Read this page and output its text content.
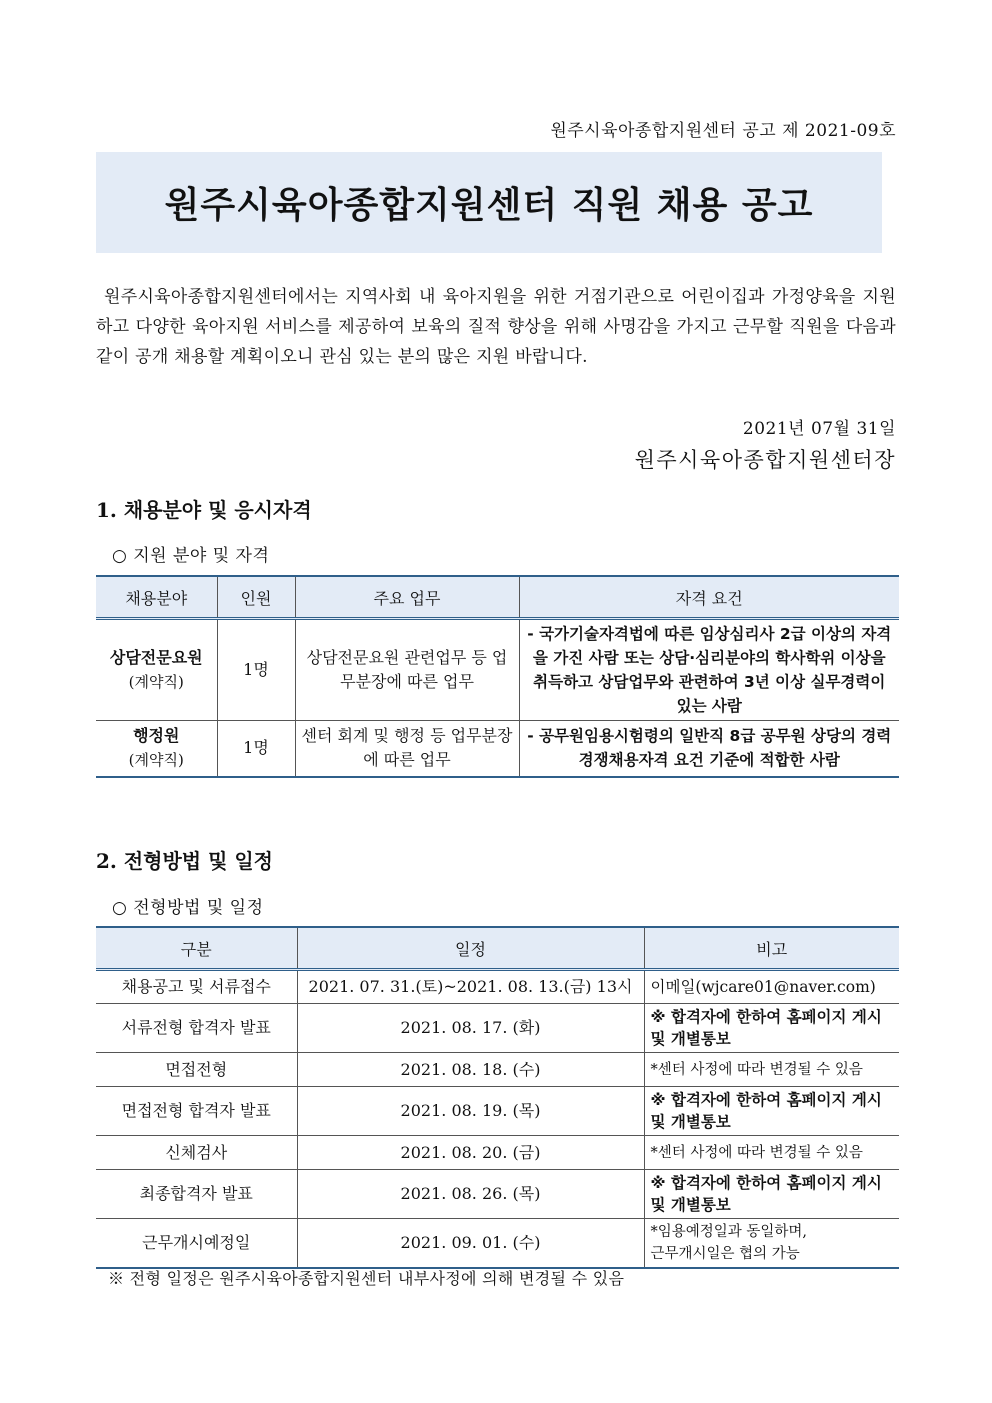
원주시육아종합지원센터 공고 제 2021-09호
원주시육아종합지원센터 직원 채용 공고

원주시육아종합지원센터에서는 지역사회 내 육아지원을 위한 거점기관으로 어린이집과 가정양육을 지원하고 다양한 육아지원 서비스를 제공하여 보육의 질적 향상을 위해 사명감을 가지고 근무할 직원을 다음과 같이 공개 채용할 계획이오니 관심 있는 분의 많은 지원 바랍니다.

2021년 07월 31일
원주시육아종합지원센터장
1. 채용분야 및 응시자격

○ 지원 분야 및 자격

채용분야	인원	주요 업무	자격 요건

상담전문요원
(계약직)	1명	상담전문요원 관련업무 등 업무분장에 따른 업무	- 국가기술자격법에 따른 임상심리사 2급 이상의 자격을 가진 사람 또는 상담·심리분야의 학사학위 이상을 취득하고 상담업무와 관련하여 3년 이상 실무경력이 있는 사람

행정원
(계약직)	1명	센터 회계 및 행정 등 업무분장에 따른 업무	- 공무원임용시험령의 일반직 8급 공무원 상당의 경력경쟁채용자격 요건 기준에 적합한 사람
2. 전형방법 및 일정

○ 전형방법 및 일정

구분	일정	비고
채용공고 및 서류접수	2021. 07. 31.(토)~2021. 08. 13.(금) 13시	이메일(wjcare01@naver.com)
서류전형 합격자 발표	2021. 08. 17. (화)	※ 합격자에 한하여 홈페이지 게시 및 개별통보
면접전형	2021. 08. 18. (수)	*센터 사정에 따라 변경될 수 있음
면접전형 합격자 발표	2021. 08. 19. (목)	※ 합격자에 한하여 홈페이지 게시 및 개별통보
신체검사	2021. 08. 20. (금)	*센터 사정에 따라 변경될 수 있음
최종합격자 발표	2021. 08. 26. (목)	※ 합격자에 한하여 홈페이지 게시 및 개별통보
근무개시예정일	2021. 09. 01. (수)	*임용예정일과 동일하며,
근무개시일은 협의 가능

※ 전형 일정은 원주시육아종합지원센터 내부사정에 의해 변경될 수 있음
